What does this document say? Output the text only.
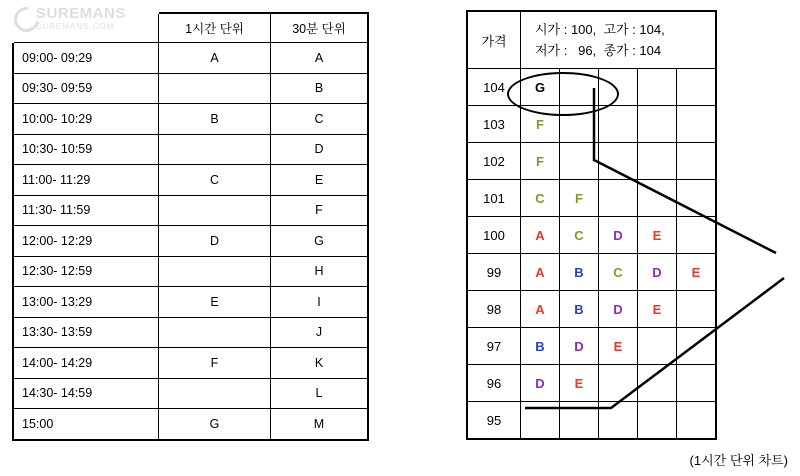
SUREMANS
SUREMANS.COM
		1시간 단위	30분 단위
09:00- 09:29	A	A
09:30- 09:59		B
10:00- 10:29	B	C
10:30- 10:59		D
11:00- 11:29	C	E
11:30- 11:59		F
12:00- 12:29	D	G
12:30- 12:59		H
13:00- 13:29	E	I
13:30- 13:59		J
14:00- 14:29	F	K
14:30- 14:59		L
15:00	G	M
가격	시가 : 100,  고가 : 104,
저가 :   96,  종가 : 104				

104	G				
103	F				
102	F				
101	C	F			
100	A	C	D	E	
99	A	B	C	D	E
98	A	B	D	E	
97	B	D	E		
96	D	E			
95					
(1시간 단위 차트)
